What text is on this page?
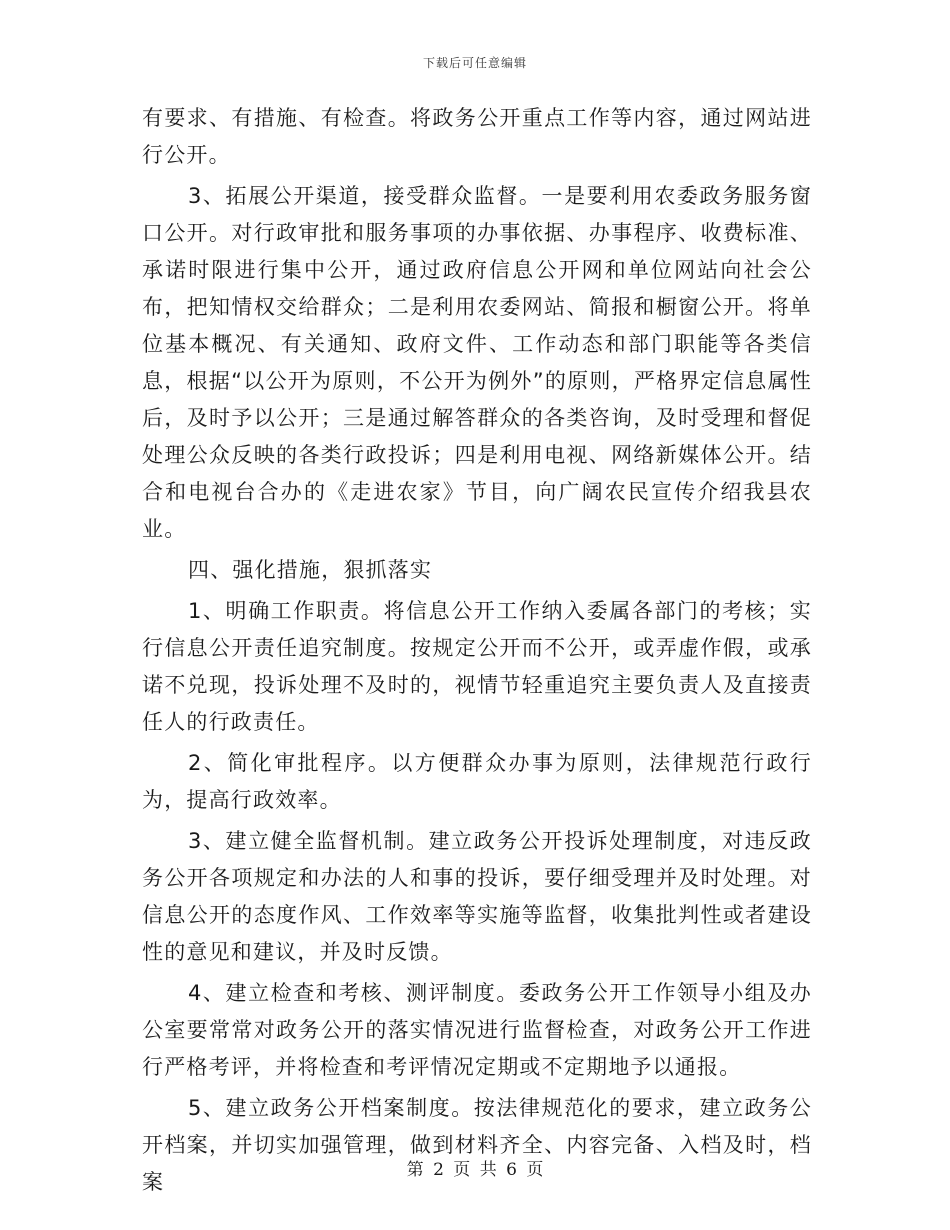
下载后可任意编辑

有要求、有措施、有检查。将政务公开重点工作等内容，通过网站进行公开。

3、拓展公开渠道，接受群众监督。一是要利用农委政务服务窗口公开。对行政审批和服务事项的办事依据、办事程序、收费标准、承诺时限进行集中公开，通过政府信息公开网和单位网站向社会公布，把知情权交给群众；二是利用农委网站、简报和橱窗公开。将单位基本概况、有关通知、政府文件、工作动态和部门职能等各类信息，根据“以公开为原则，不公开为例外”的原则，严格界定信息属性后，及时予以公开；三是通过解答群众的各类咨询，及时受理和督促处理公众反映的各类行政投诉；四是利用电视、网络新媒体公开。结合和电视台合办的《走进农家》节目，向广阔农民宣传介绍我县农业。

四、强化措施，狠抓落实

1、明确工作职责。将信息公开工作纳入委属各部门的考核；实行信息公开责任追究制度。按规定公开而不公开，或弄虚作假，或承诺不兑现，投诉处理不及时的，视情节轻重追究主要负责人及直接责任人的行政责任。

2、简化审批程序。以方便群众办事为原则，法律规范行政行为，提高行政效率。

3、建立健全监督机制。建立政务公开投诉处理制度，对违反政务公开各项规定和办法的人和事的投诉，要仔细受理并及时处理。对信息公开的态度作风、工作效率等实施等监督，收集批判性或者建设性的意见和建议，并及时反馈。

4、建立检查和考核、测评制度。委政务公开工作领导小组及办公室要常常对政务公开的落实情况进行监督检查，对政务公开工作进行严格考评，并将检查和考评情况定期或不定期地予以通报。

5、建立政务公开档案制度。按法律规范化的要求，建立政务公开档案，并切实加强管理，做到材料齐全、内容完备、入档及时，档案	第 2 页 共 6 页
